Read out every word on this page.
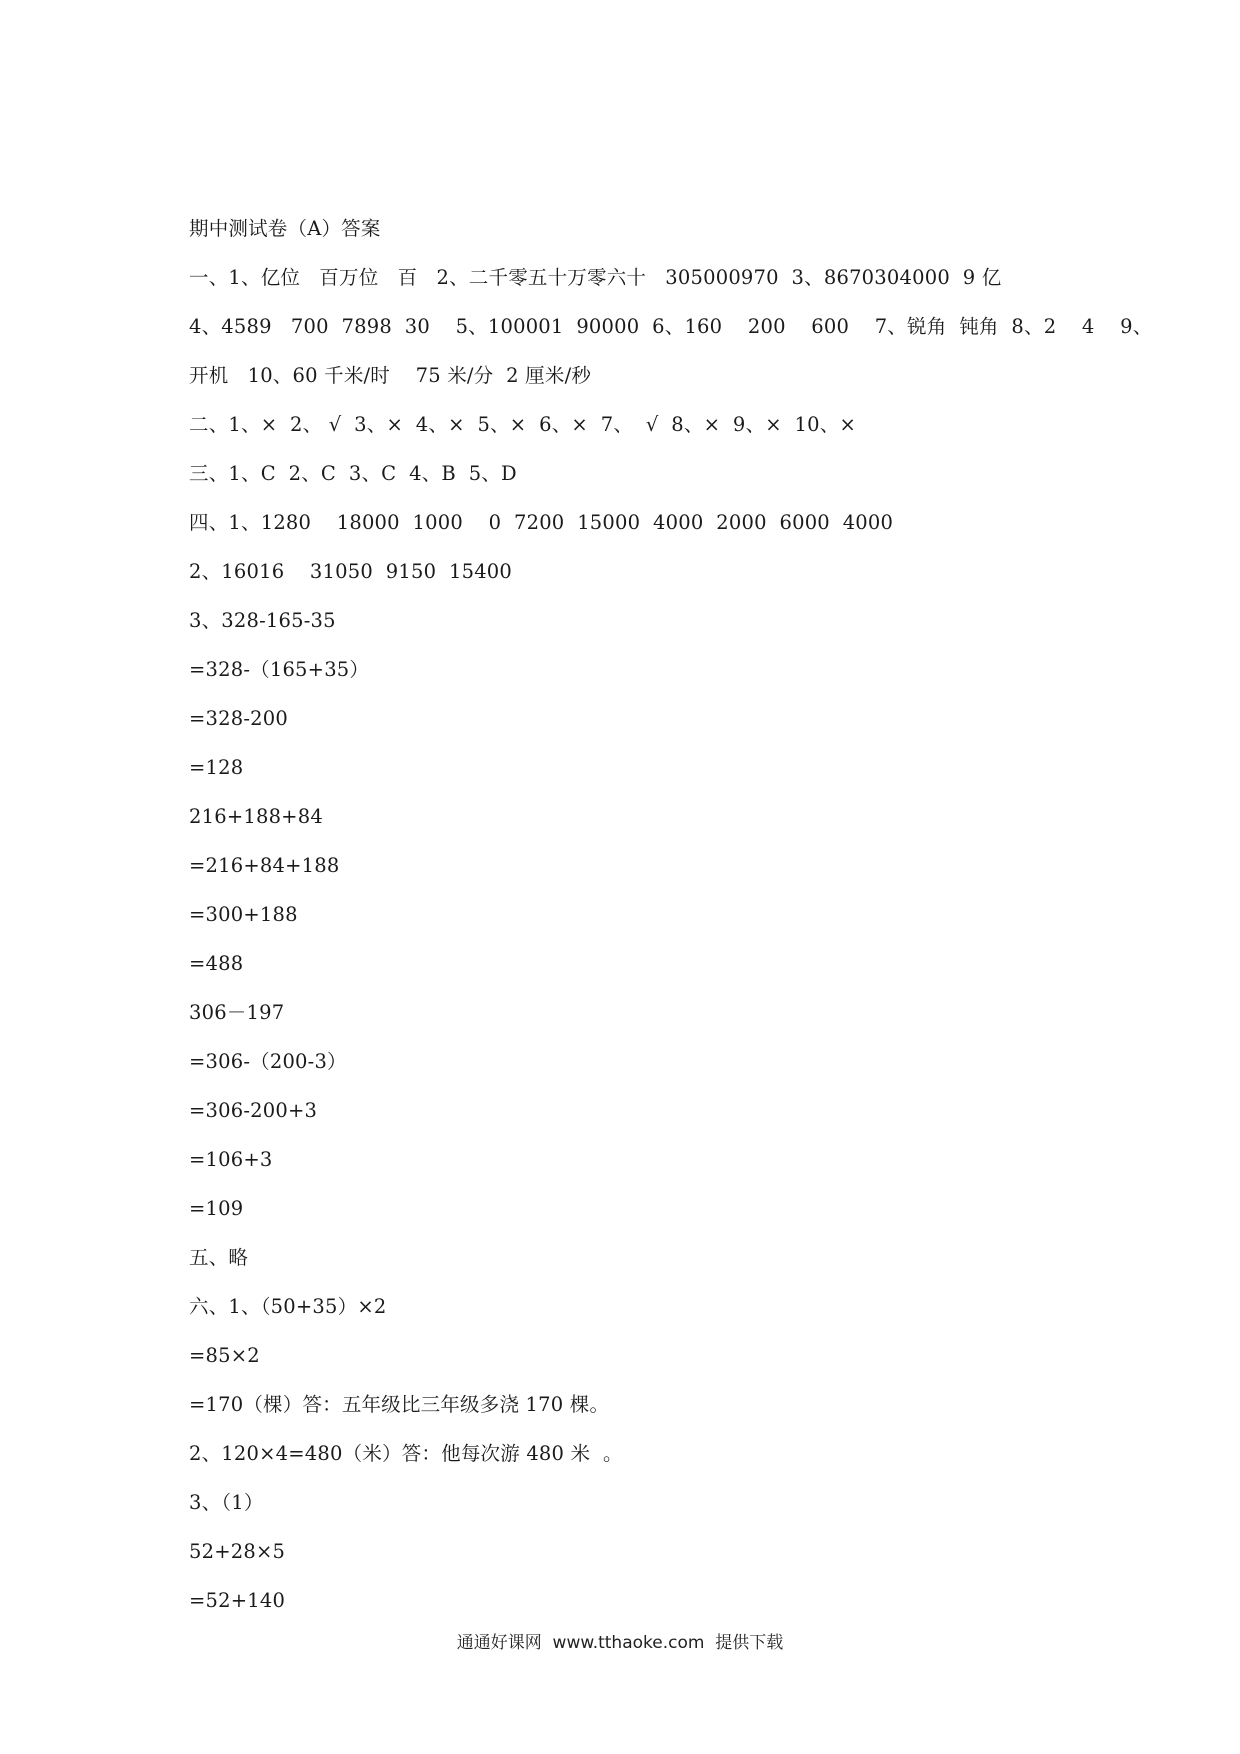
期中测试卷（A）答案
一、1、亿位   百万位   百   2、二千零五十万零六十   305000970  3、8670304000  9 亿
4、4589   700  7898  30    5、100001  90000  6、160    200    600    7、锐角  钝角  8、2    4    9、
开机   10、60 千米/时    75 米/分  2 厘米/秒
二、1、×  2、 √  3、×  4、×  5、×  6、×  7、  √  8、×  9、×  10、×
三、1、C  2、C  3、C  4、B  5、D
四、1、1280    18000  1000    0  7200  15000  4000  2000  6000  4000
2、16016    31050  9150  15400
3、328-165-35
=328-（165+35）
=328-200
=128
216+188+84
=216+84+188
=300+188
=488
306－197
=306-（200-3）
=306-200+3
=106+3
=109
五、略
六、1、（50+35）×2
=85×2
=170（棵）答：五年级比三年级多浇 170 棵。
2、120×4=480（米）答：他每次游 480 米  。
3、（1）
52+28×5
=52+140
通通好课网  www.tthaoke.com  提供下载
